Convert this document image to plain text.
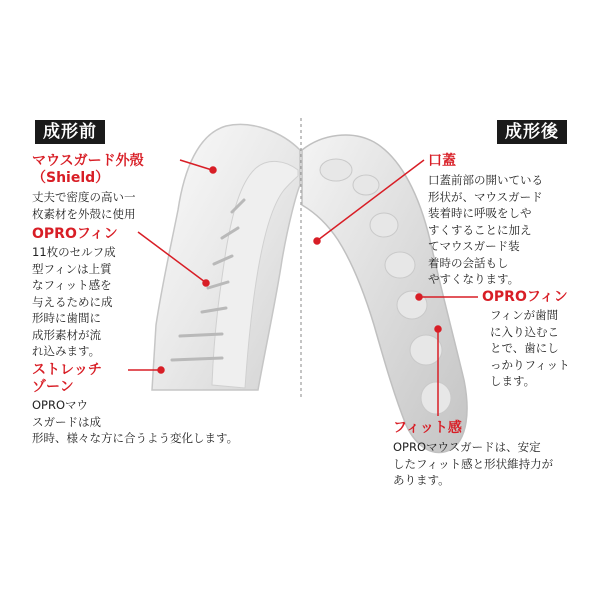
成形前	成形後
マウスガード外殻
（Shield）
丈夫で密度の高い一
枚素材を外殻に使用
OPROフィン
11枚のセルフ成
型フィンは上質
なフィット感を
与えるために成
形時に歯間に
成形素材が流
れ込みます。
ストレッチ
ゾーン
OPROマウ
スガードは成
形時、様々な方に合うよう変化します。
口蓋
口蓋前部の開いている
形状が、マウスガード
装着時に呼吸をしや
すくすることに加え
てマウスガード装
着時の会話もし
やすくなります。
OPROフィン
フィンが歯間
に入り込むこ
とで、歯にし
っかりフィット
します。
フィット感
OPROマウスガードは、安定
したフィット感と形状維持力が
あります。
